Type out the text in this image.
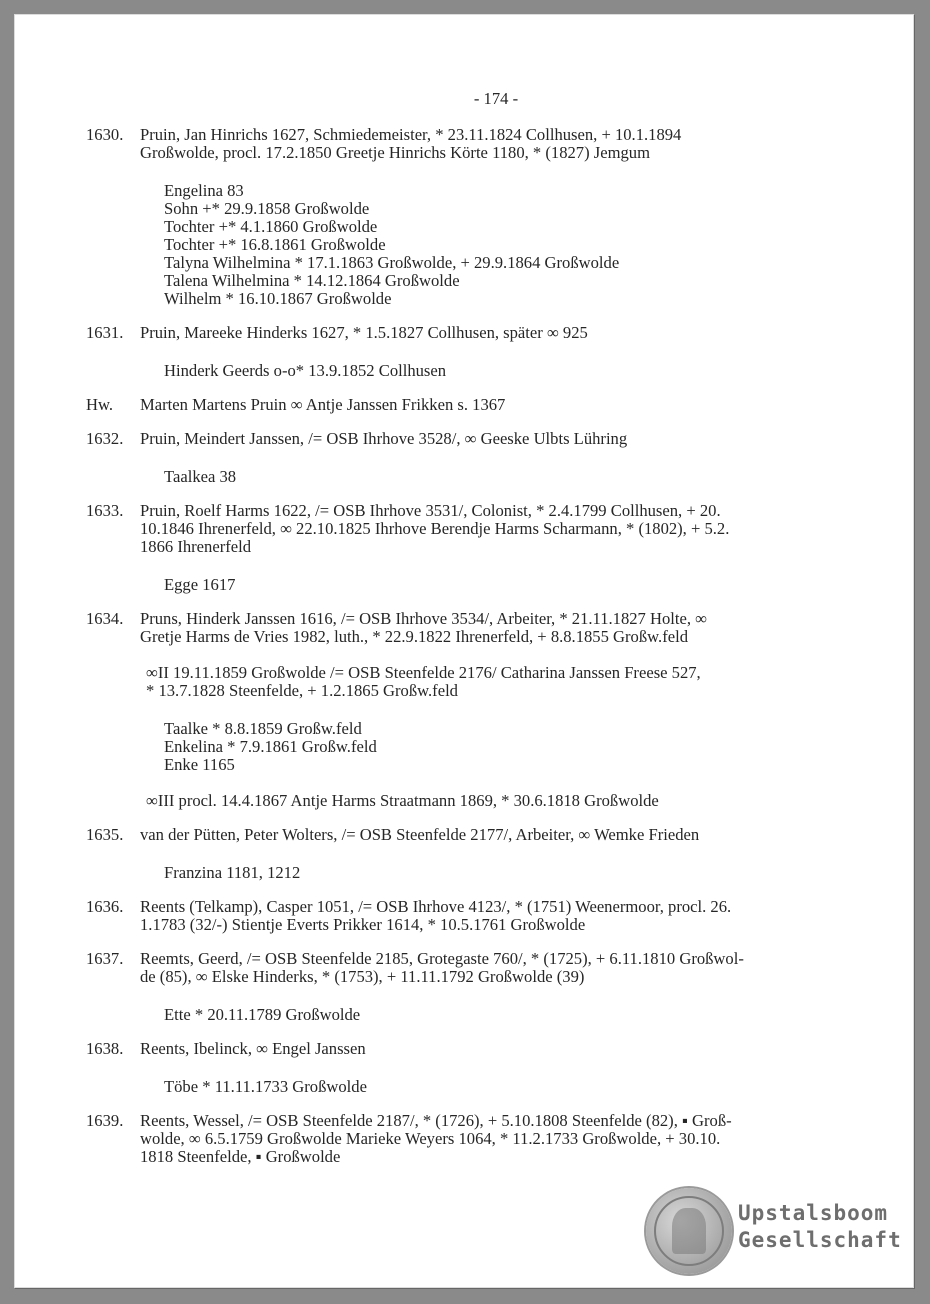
- 174 -
1630. Pruin, Jan Hinrichs 1627, Schmiedemeister, * 23.11.1824 Collhusen, + 10.1.1894
Großwolde, procl. 17.2.1850 Greetje Hinrichs Körte 1180, * (1827) Jemgum
Engelina 83
Sohn +* 29.9.1858 Großwolde
Tochter +* 4.1.1860 Großwolde
Tochter +* 16.8.1861 Großwolde
Talyna Wilhelmina * 17.1.1863 Großwolde, + 29.9.1864 Großwolde
Talena Wilhelmina * 14.12.1864 Großwolde
Wilhelm * 16.10.1867 Großwolde
1631. Pruin, Mareeke Hinderks 1627, * 1.5.1827 Collhusen, später ∞ 925
Hinderk Geerds o-o* 13.9.1852 Collhusen
Hw. Marten Martens Pruin ∞ Antje Janssen Frikken s. 1367
1632. Pruin, Meindert Janssen, /= OSB Ihrhove 3528/, ∞ Geeske Ulbts Lühring
Taalkea 38
1633. Pruin, Roelf Harms 1622, /= OSB Ihrhove 3531/, Colonist, * 2.4.1799 Collhusen, + 20.
10.1846 Ihrenerfeld, ∞ 22.10.1825 Ihrhove Berendje Harms Scharmann, * (1802), + 5.2.
1866 Ihrenerfeld
Egge 1617
1634. Pruns, Hinderk Janssen 1616, /= OSB Ihrhove 3534/, Arbeiter, * 21.11.1827 Holte, ∞
Gretje Harms de Vries 1982, luth., * 22.9.1822 Ihrenerfeld, + 8.8.1855 Großw.feld
∞II 19.11.1859 Großwolde /= OSB Steenfelde 2176/ Catharina Janssen Freese 527,
* 13.7.1828 Steenfelde, + 1.2.1865 Großw.feld
Taalke * 8.8.1859 Großw.feld
Enkelina * 7.9.1861 Großw.feld
Enke 1165
∞III procl. 14.4.1867 Antje Harms Straatmann 1869, * 30.6.1818 Großwolde
1635. van der Pütten, Peter Wolters, /= OSB Steenfelde 2177/, Arbeiter, ∞ Wemke Frieden
Franzina 1181, 1212
1636. Reents (Telkamp), Casper 1051, /= OSB Ihrhove 4123/, * (1751) Weenermoor, procl. 26.
1.1783 (32/-) Stientje Everts Prikker 1614, * 10.5.1761 Großwolde
1637. Reemts, Geerd, /= OSB Steenfelde 2185, Grotegaste 760/, * (1725), + 6.11.1810 Großwol-
de (85), ∞ Elske Hinderks, * (1753), + 11.11.1792 Großwolde (39)
Ette * 20.11.1789 Großwolde
1638. Reents, Ibelinck, ∞ Engel Janssen
Töbe * 11.11.1733 Großwolde
1639. Reents, Wessel, /= OSB Steenfelde 2187/, * (1726), + 5.10.1808 Steenfelde (82), ▪ Groß-
wolde, ∞ 6.5.1759 Großwolde Marieke Weyers 1064, * 11.2.1733 Großwolde, + 30.10.
1818 Steenfelde, ▪ Großwolde
Upstalsboom
Gesellschaft
